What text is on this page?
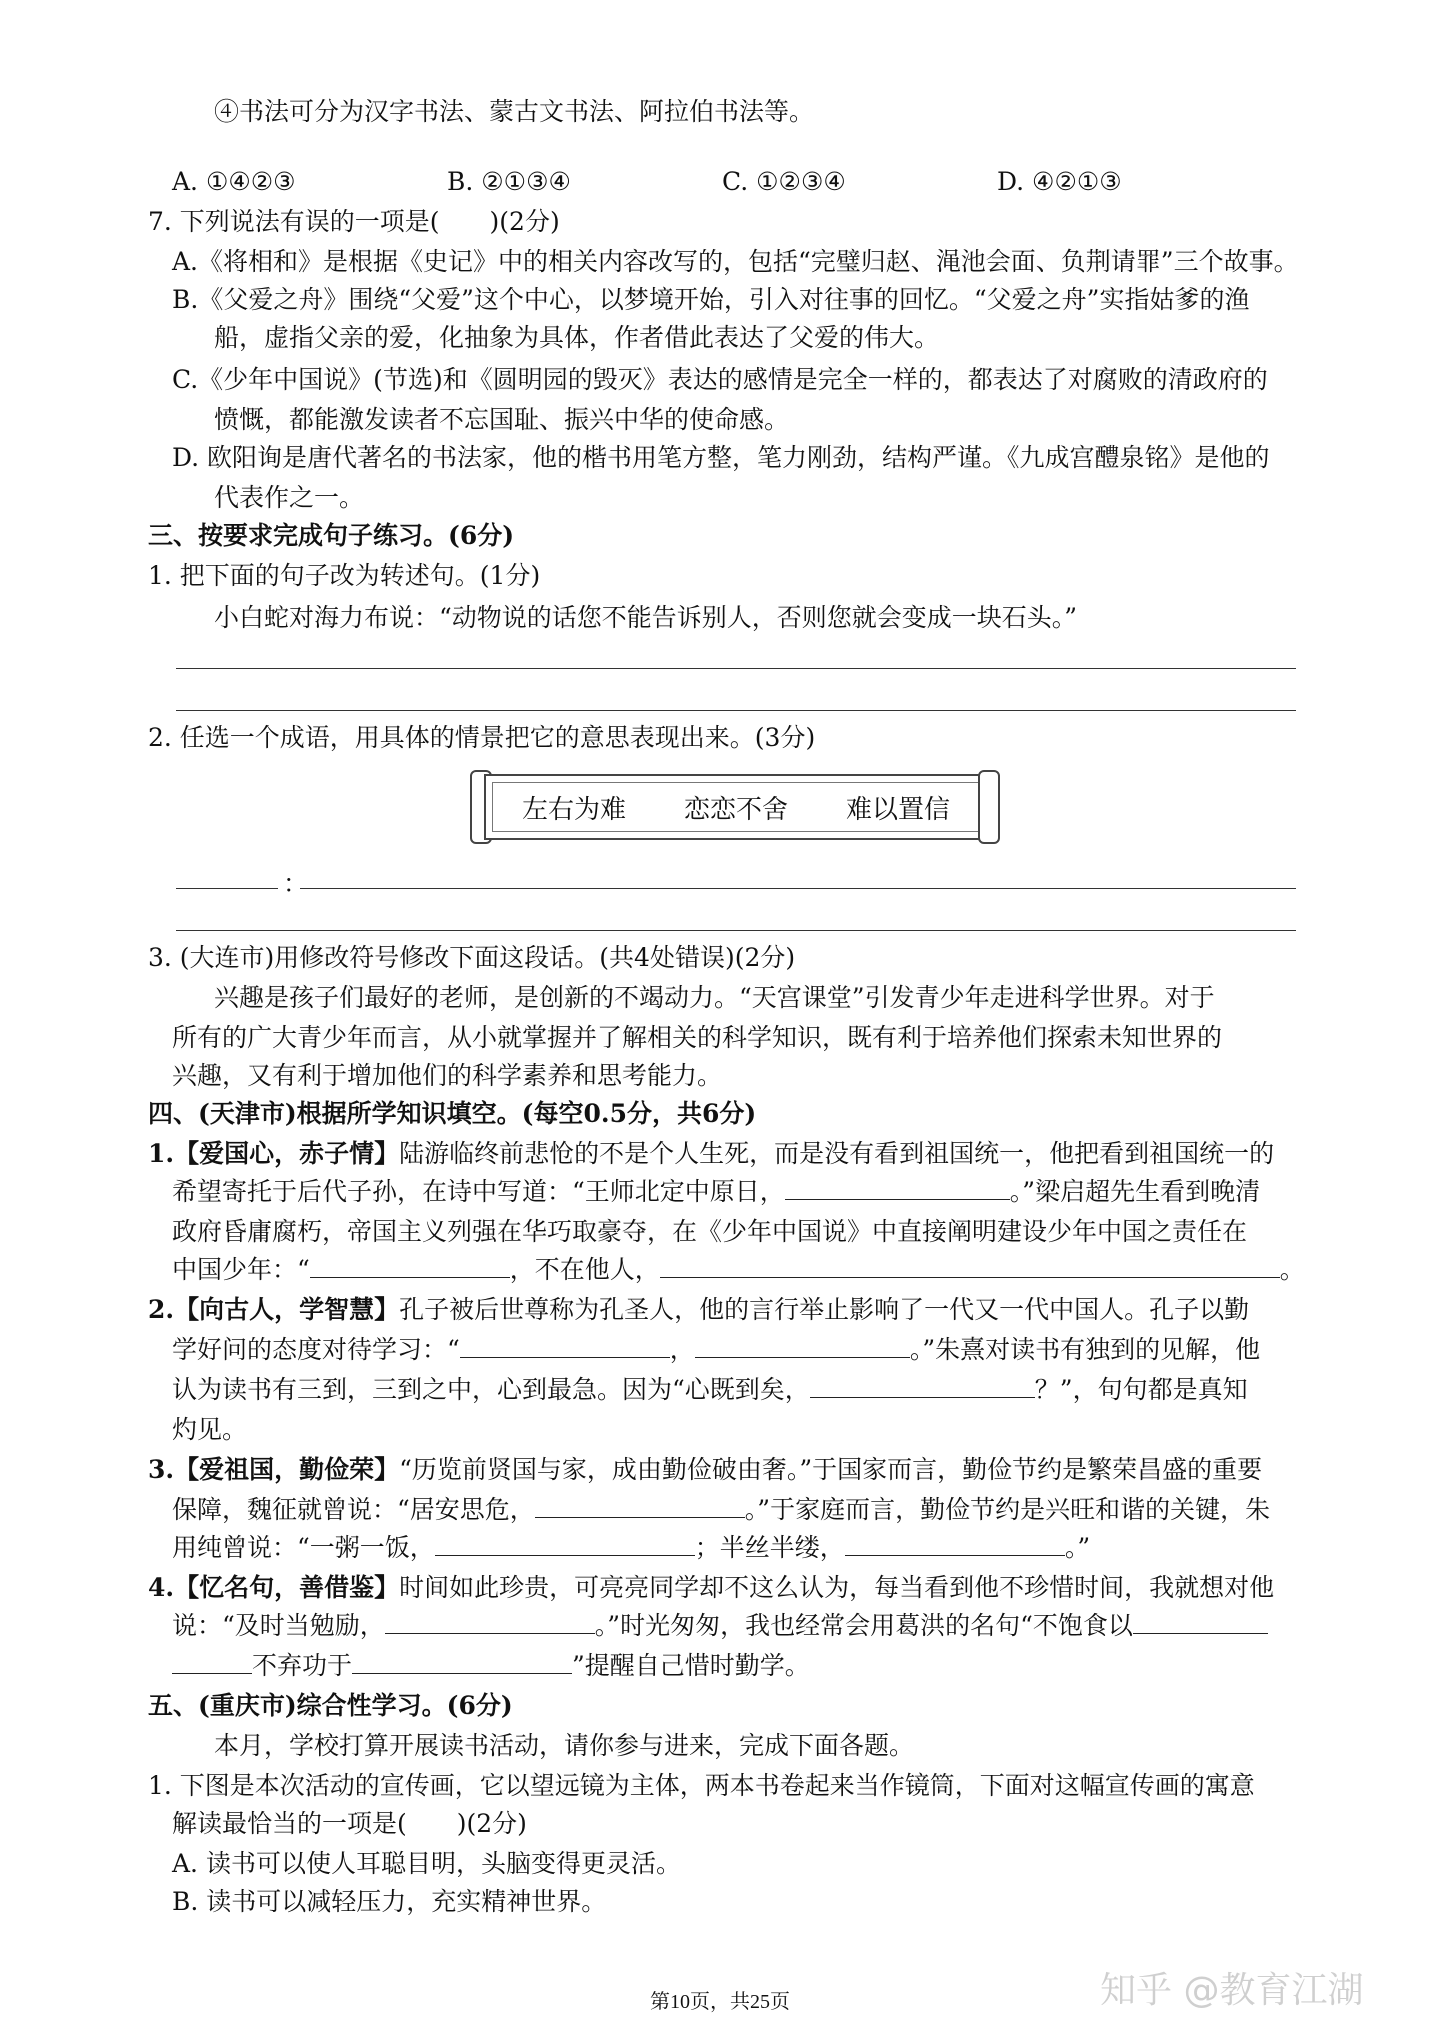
④书法可分为汉字书法、蒙古文书法、阿拉伯书法等。
A. ①④②③	B. ②①③④	C. ①②③④	D. ④②①③
7. 下列说法有误的一项是(　　)(2分)
A.《将相和》是根据《史记》中的相关内容改写的，包括“完璧归赵、渑池会面、负荆请罪”三个故事。
B.《父爱之舟》围绕“父爱”这个中心，以梦境开始，引入对往事的回忆。“父爱之舟”实指姑爹的渔
船，虚指父亲的爱，化抽象为具体，作者借此表达了父爱的伟大。
C.《少年中国说》(节选)和《圆明园的毁灭》表达的感情是完全一样的，都表达了对腐败的清政府的
愤慨，都能激发读者不忘国耻、振兴中华的使命感。
D. 欧阳询是唐代著名的书法家，他的楷书用笔方整，笔力刚劲，结构严谨。《九成宫醴泉铭》是他的
代表作之一。
三、按要求完成句子练习。(6分)
1. 把下面的句子改为转述句。(1分)
小白蛇对海力布说：“动物说的话您不能告诉别人，否则您就会变成一块石头。”
2. 任选一个成语，用具体的情景把它的意思表现出来。(3分)
左右为难 恋恋不舍 难以置信
：
3. (大连市)用修改符号修改下面这段话。(共4处错误)(2分)
兴趣是孩子们最好的老师，是创新的不竭动力。“天宫课堂”引发青少年走进科学世界。对于
所有的广大青少年而言，从小就掌握并了解相关的科学知识，既有利于培养他们探索未知世界的
兴趣，又有利于增加他们的科学素养和思考能力。
四、(天津市)根据所学知识填空。(每空0.5分，共6分)
1.【爱国心，赤子情】陆游临终前悲怆的不是个人生死，而是没有看到祖国统一，他把看到祖国统一的
希望寄托于后代子孙，在诗中写道：“王师北定中原日，	。”梁启超先生看到晚清
政府昏庸腐朽，帝国主义列强在华巧取豪夺，在《少年中国说》中直接阐明建设少年中国之责任在
中国少年：“	，不在他人，	。
2.【向古人，学智慧】孔子被后世尊称为孔圣人，他的言行举止影响了一代又一代中国人。孔子以勤
学好问的态度对待学习：“	，	。”朱熹对读书有独到的见解，他
认为读书有三到，三到之中，心到最急。因为“心既到矣，	？”，句句都是真知
灼见。
3.【爱祖国，勤俭荣】“历览前贤国与家，成由勤俭破由奢。”于国家而言，勤俭节约是繁荣昌盛的重要
保障，魏征就曾说：“居安思危，	。”于家庭而言，勤俭节约是兴旺和谐的关键，朱
用纯曾说：“一粥一饭，	；半丝半缕，	。”
4.【忆名句，善借鉴】时间如此珍贵，可亮亮同学却不这么认为，每当看到他不珍惜时间，我就想对他
说：“及时当勉励，	。”时光匆匆，我也经常会用葛洪的名句“不饱食以
不弃功于	”提醒自己惜时勤学。
五、(重庆市)综合性学习。(6分)
本月，学校打算开展读书活动，请你参与进来，完成下面各题。
1. 下图是本次活动的宣传画，它以望远镜为主体，两本书卷起来当作镜筒，下面对这幅宣传画的寓意
解读最恰当的一项是(　　)(2分)
A. 读书可以使人耳聪目明，头脑变得更灵活。
B. 读书可以减轻压力，充实精神世界。
第10页，共25页	知乎 @教育江湖
